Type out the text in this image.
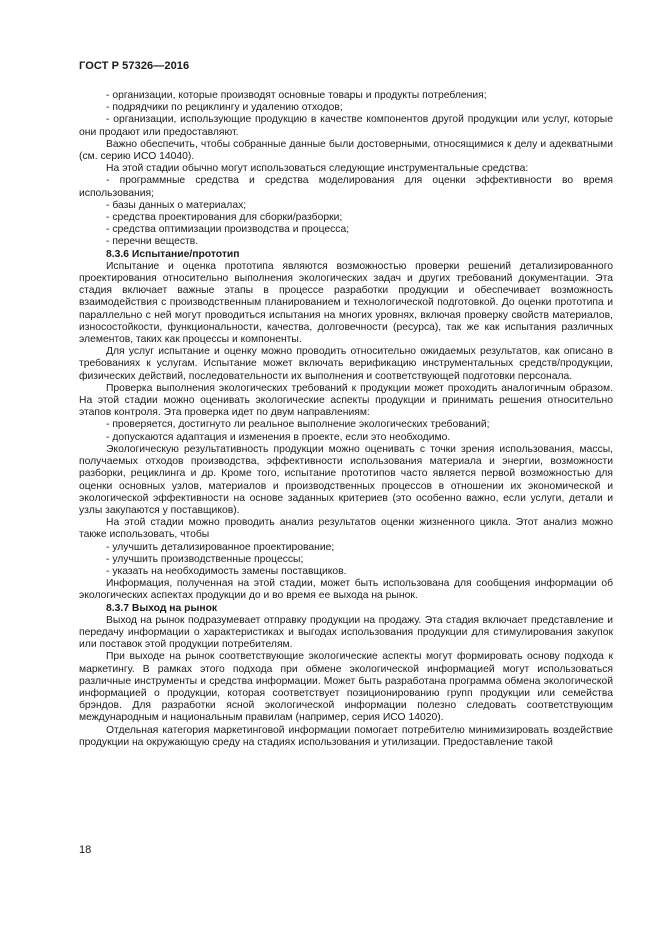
ГОСТ Р 57326—2016

- организации, которые производят основные товары и продукты потребления;

- подрядчики по рециклингу и удалению отходов;

- организации, использующие продукцию в качестве компонентов другой продукции или услуг, которые они продают или предоставляют.

Важно обеспечить, чтобы собранные данные были достоверными, относящимися к делу и адекватными (см. серию ИСО 14040).

На этой стадии обычно могут использоваться следующие инструментальные средства:

- программные средства и средства моделирования для оценки эффективности во время использования;

- базы данных о материалах;

- средства проектирования для сборки/разборки;

- средства оптимизации производства и процесса;

- перечни веществ.

8.3.6 Испытание/прототип

Испытание и оценка прототипа являются возможностью проверки решений детализированного проектирования относительно выполнения экологических задач и других требований документации. Эта стадия включает важные этапы в процессе разработки продукции и обеспечивает возможность взаимодействия с производственным планированием и технологической подготовкой. До оценки прототипа и параллельно с ней могут проводиться испытания на многих уровнях, включая проверку свойств материалов, износостойкости, функциональности, качества, долговечности (ресурса), так же как испытания различных элементов, таких как процессы и компоненты.

Для услуг испытание и оценку можно проводить относительно ожидаемых результатов, как описано в требованиях к услугам. Испытание может включать верификацию инструментальных средств/продукции, физических действий, последовательности их выполнения и соответствующей подготовки персонала.

Проверка выполнения экологических требований к продукции может проходить аналогичным образом. На этой стадии можно оценивать экологические аспекты продукции и принимать решения относительно этапов контроля. Эта проверка идет по двум направлениям:

- проверяется, достигнуто ли реальное выполнение экологических требований;

- допускаются адаптация и изменения в проекте, если это необходимо.

Экологическую результативность продукции можно оценивать с точки зрения использования, массы, получаемых отходов производства, эффективности использования материала и энергии, возможности разборки, рециклинга и др. Кроме того, испытание прототипов часто является первой возможностью для оценки основных узлов, материалов и производственных процессов в отношении их экономической и экологической эффективности на основе заданных критериев (это особенно важно, если услуги, детали и узлы закупаются у поставщиков).

На этой стадии можно проводить анализ результатов оценки жизненного цикла. Этот анализ можно также использовать, чтобы

- улучшить детализированное проектирование;

- улучшить производственные процессы;

- указать на необходимость замены поставщиков.

Информация, полученная на этой стадии, может быть использована для сообщения информации об экологических аспектах продукции до и во время ее выхода на рынок.

8.3.7 Выход на рынок

Выход на рынок подразумевает отправку продукции на продажу. Эта стадия включает представление и передачу информации о характеристиках и выгодах использования продукции для стимулирования закупок или поставок этой продукции потребителям.

При выходе на рынок соответствующие экологические аспекты могут формировать основу подхода к маркетингу. В рамках этого подхода при обмене экологической информацией могут использоваться различные инструменты и средства информации. Может быть разработана программа обмена экологической информацией о продукции, которая соответствует позиционированию групп продукции или семейства брэндов. Для разработки ясной экологической информации полезно следовать соответствующим международным и национальным правилам (например, серия ИСО 14020).

Отдельная категория маркетинговой информации помогает потребителю минимизировать воздействие продукции на окружающую среду на стадиях использования и утилизации. Предоставление такой

18
